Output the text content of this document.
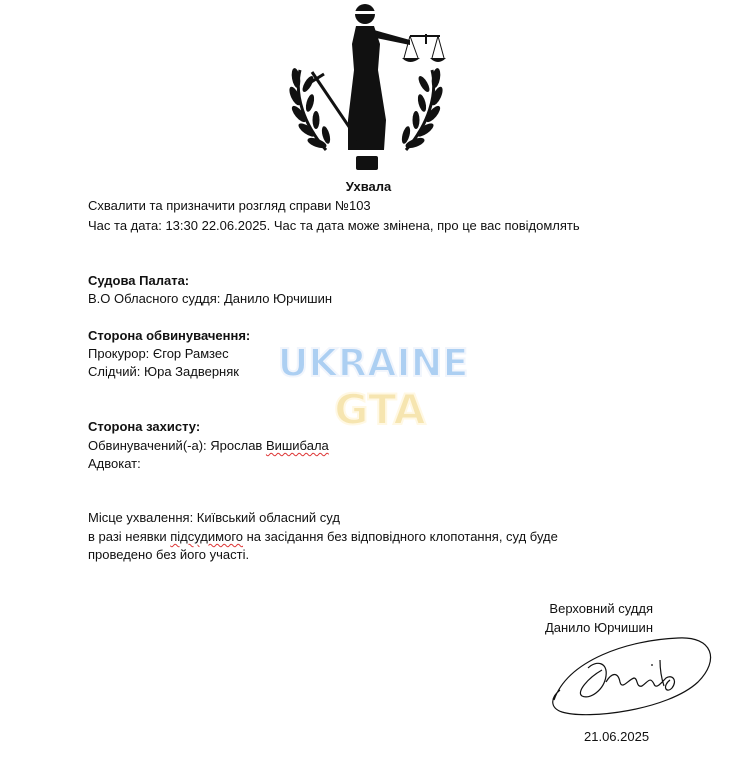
Ухвала
Схвалити та призначити розгляд справи №103
Час та дата: 13:30 22.06.2025. Час та дата може змінена, про це вас повідомлять
Судова Палата:
В.О Обласного суддя: Данило Юрчишин
Сторона обвинувачення:
Прокурор: Єгор Рамзес
Слідчий: Юра Задверняк UKRAINE
GTA
Сторона захисту:
Обвинувачений(-а): Ярослав Вишибала
Адвокат:
Місце ухвалення: Київський обласний суд
в разі неявки підсудимого на засідання без відповідного клопотання, суд буде
проведено без його участі.
Верховний суддя
Данило Юрчишин
21.06.2025
